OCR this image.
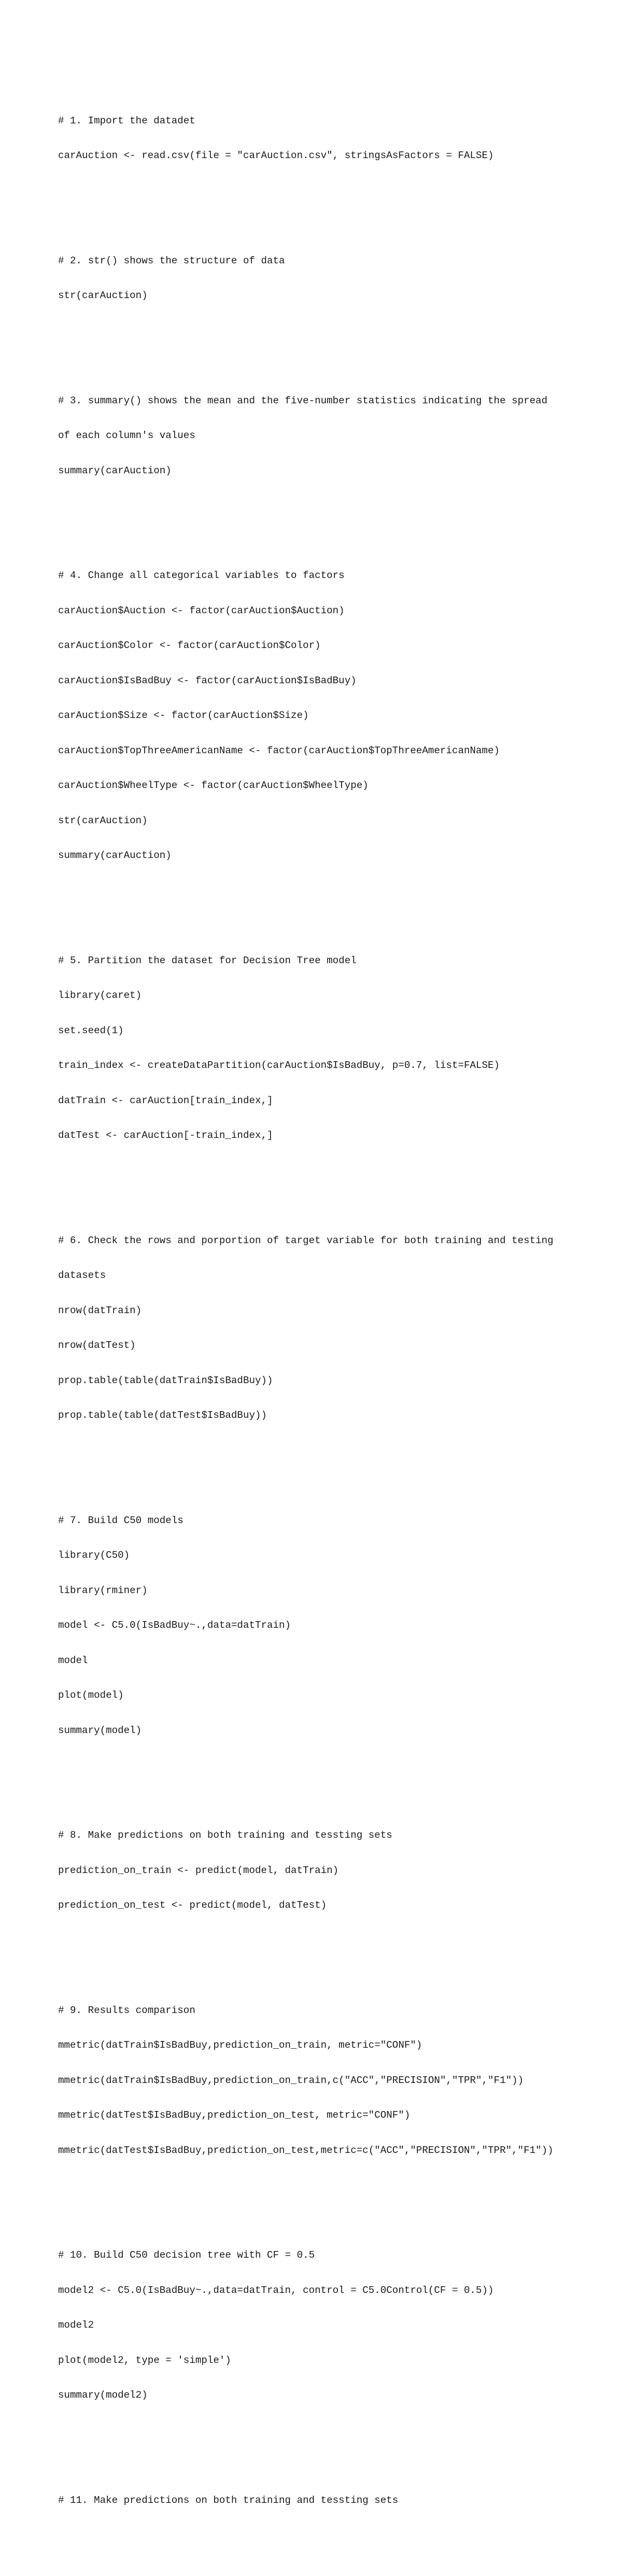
# 1. Import the datadet

carAuction <- read.csv(file = "carAuction.csv", stringsAsFactors = FALSE)

# 2. str() shows the structure of data

str(carAuction)

# 3. summary() shows the mean and the five-number statistics indicating the spread

of each column's values

summary(carAuction)

# 4. Change all categorical variables to factors

carAuction$Auction <- factor(carAuction$Auction)

carAuction$Color <- factor(carAuction$Color)

carAuction$IsBadBuy <- factor(carAuction$IsBadBuy)

carAuction$Size <- factor(carAuction$Size)

carAuction$TopThreeAmericanName <- factor(carAuction$TopThreeAmericanName)

carAuction$WheelType <- factor(carAuction$WheelType)

str(carAuction)

summary(carAuction)

# 5. Partition the dataset for Decision Tree model

library(caret)

set.seed(1)

train_index <- createDataPartition(carAuction$IsBadBuy, p=0.7, list=FALSE)

datTrain <- carAuction[train_index,]

datTest <- carAuction[-train_index,]

# 6. Check the rows and porportion of target variable for both training and testing

datasets

nrow(datTrain)

nrow(datTest)

prop.table(table(datTrain$IsBadBuy))

prop.table(table(datTest$IsBadBuy))

# 7. Build C50 models

library(C50)

library(rminer)

model <- C5.0(IsBadBuy~.,data=datTrain)

model

plot(model)

summary(model)

# 8. Make predictions on both training and tessting sets

prediction_on_train <- predict(model, datTrain)

prediction_on_test <- predict(model, datTest)

# 9. Results comparison

mmetric(datTrain$IsBadBuy,prediction_on_train, metric="CONF")

mmetric(datTrain$IsBadBuy,prediction_on_train,c("ACC","PRECISION","TPR","F1"))

mmetric(datTest$IsBadBuy,prediction_on_test, metric="CONF")

mmetric(datTest$IsBadBuy,prediction_on_test,metric=c("ACC","PRECISION","TPR","F1"))

# 10. Build C50 decision tree with CF = 0.5

model2 <- C5.0(IsBadBuy~.,data=datTrain, control = C5.0Control(CF = 0.5))

model2

plot(model2, type = 'simple')

summary(model2)

# 11. Make predictions on both training and tessting sets
